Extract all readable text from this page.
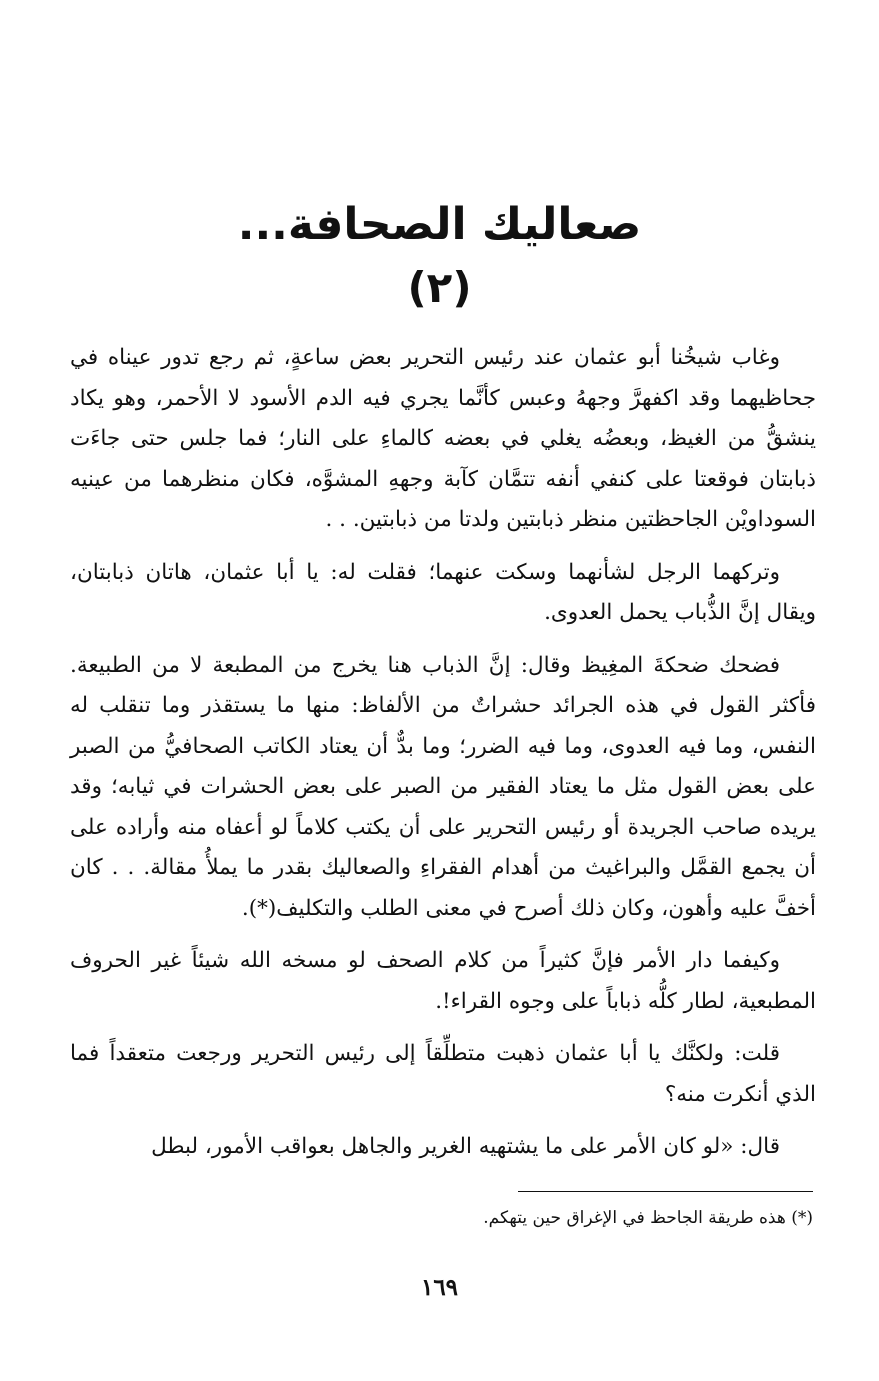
صعاليك الصحافة...
(٢)

وغاب شيخُنا أبو عثمان عند رئيس التحرير بعض ساعةٍ، ثم رجع تدور عيناه في جحاظيهما وقد اكفهرَّ وجههُ وعبس كأنَّما يجري فيه الدم الأسود لا الأحمر، وهو يكاد ينشقُّ من الغيظ، وبعضُه يغلي في بعضه كالماءِ على النار؛ فما جلس حتى جاءَت ذبابتان فوقعتا على كنفي أنفه تتمَّان كآبة وجههِ المشوَّه، فكان منظرهما من عينيه السوداويْن الجاحظتين منظر ذبابتين ولدتا من ذبابتين. . .

وتركهما الرجل لشأنهما وسكت عنهما؛ فقلت له: يا أبا عثمان، هاتان ذبابتان، ويقال إنَّ الذُّباب يحمل العدوى.

فضحك ضحكةَ المغِيظ وقال: إنَّ الذباب هنا يخرج من المطبعة لا من الطبيعة. فأكثر القول في هذه الجرائد حشراتٌ من الألفاظ: منها ما يستقذر وما تنقلب له النفس، وما فيه العدوى، وما فيه الضرر؛ وما بدٌّ أن يعتاد الكاتب الصحافيُّ من الصبر على بعض القول مثل ما يعتاد الفقير من الصبر على بعض الحشرات في ثيابه؛ وقد يريده صاحب الجريدة أو رئيس التحرير على أن يكتب كلاماً لو أعفاه منه وأراده على أن يجمع القمَّل والبراغيث من أهدام الفقراءِ والصعاليك بقدر ما يملأُ مقالة. . . كان أخفَّ عليه وأهون، وكان ذلك أصرح في معنى الطلب والتكليف(*).

وكيفما دار الأمر فإنَّ كثيراً من كلام الصحف لو مسخه الله شيئاً غير الحروف المطبعية، لطار كلُّه ذباباً على وجوه القراء!.

قلت: ولكنَّك يا أبا عثمان ذهبت متطلِّقاً إلى رئيس التحرير ورجعت متعقداً فما الذي أنكرت منه؟

قال: «لو كان الأمر على ما يشتهيه الغرير والجاهل بعواقب الأمور، لبطل

(*) هذه طريقة الجاحظ في الإغراق حين يتهكم.
١٦٩
